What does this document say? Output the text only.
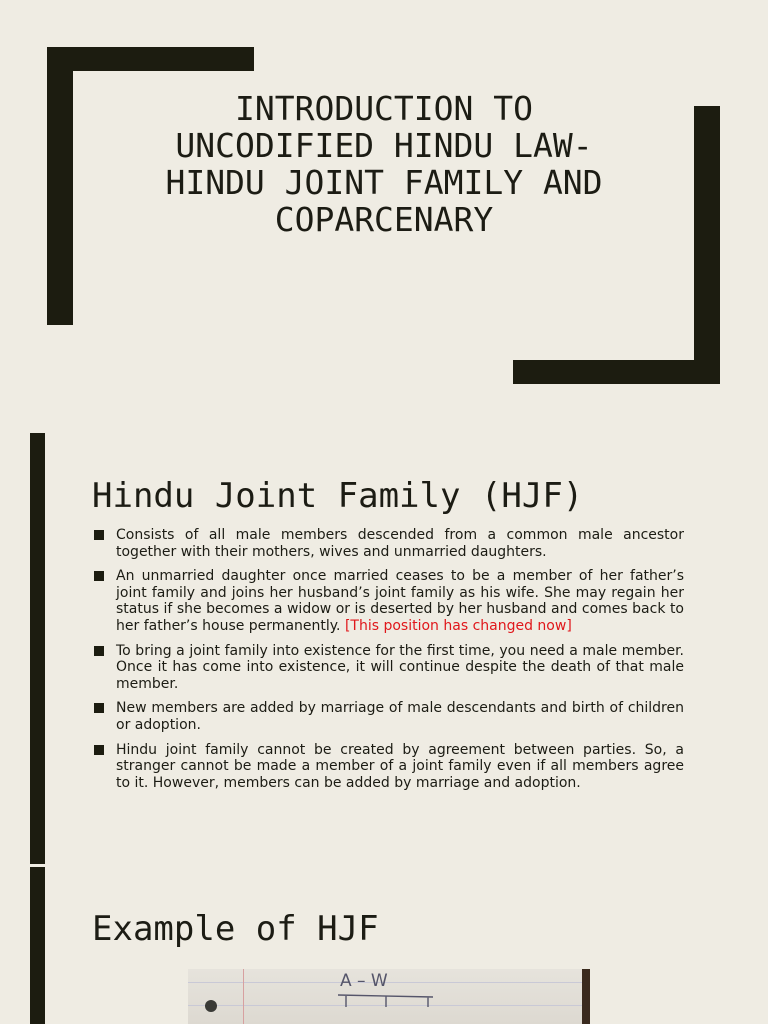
INTRODUCTION TO
UNCODIFIED HINDU LAW-
HINDU JOINT FAMILY AND
COPARCENARY
Hindu Joint Family (HJF)
Consists of all male members descended from a common male ancestor together with their mothers, wives and unmarried daughters.
An unmarried daughter once married ceases to be a member of her father’s joint family and joins her husband’s joint family as his wife. She may regain her status if she becomes a widow or is deserted by her husband and comes back to her father’s house permanently. [This position has changed now]
To bring a joint family into existence for the first time, you need a male member. Once it has come into existence, it will continue despite the death of that male member.
New members are added by marriage of male descendants and birth of children or adoption.
Hindu joint family cannot be created by agreement between parties. So, a stranger cannot be made a member of a joint family even if all members agree to it. However, members can be added by marriage and adoption.
Example of HJF
A – W
